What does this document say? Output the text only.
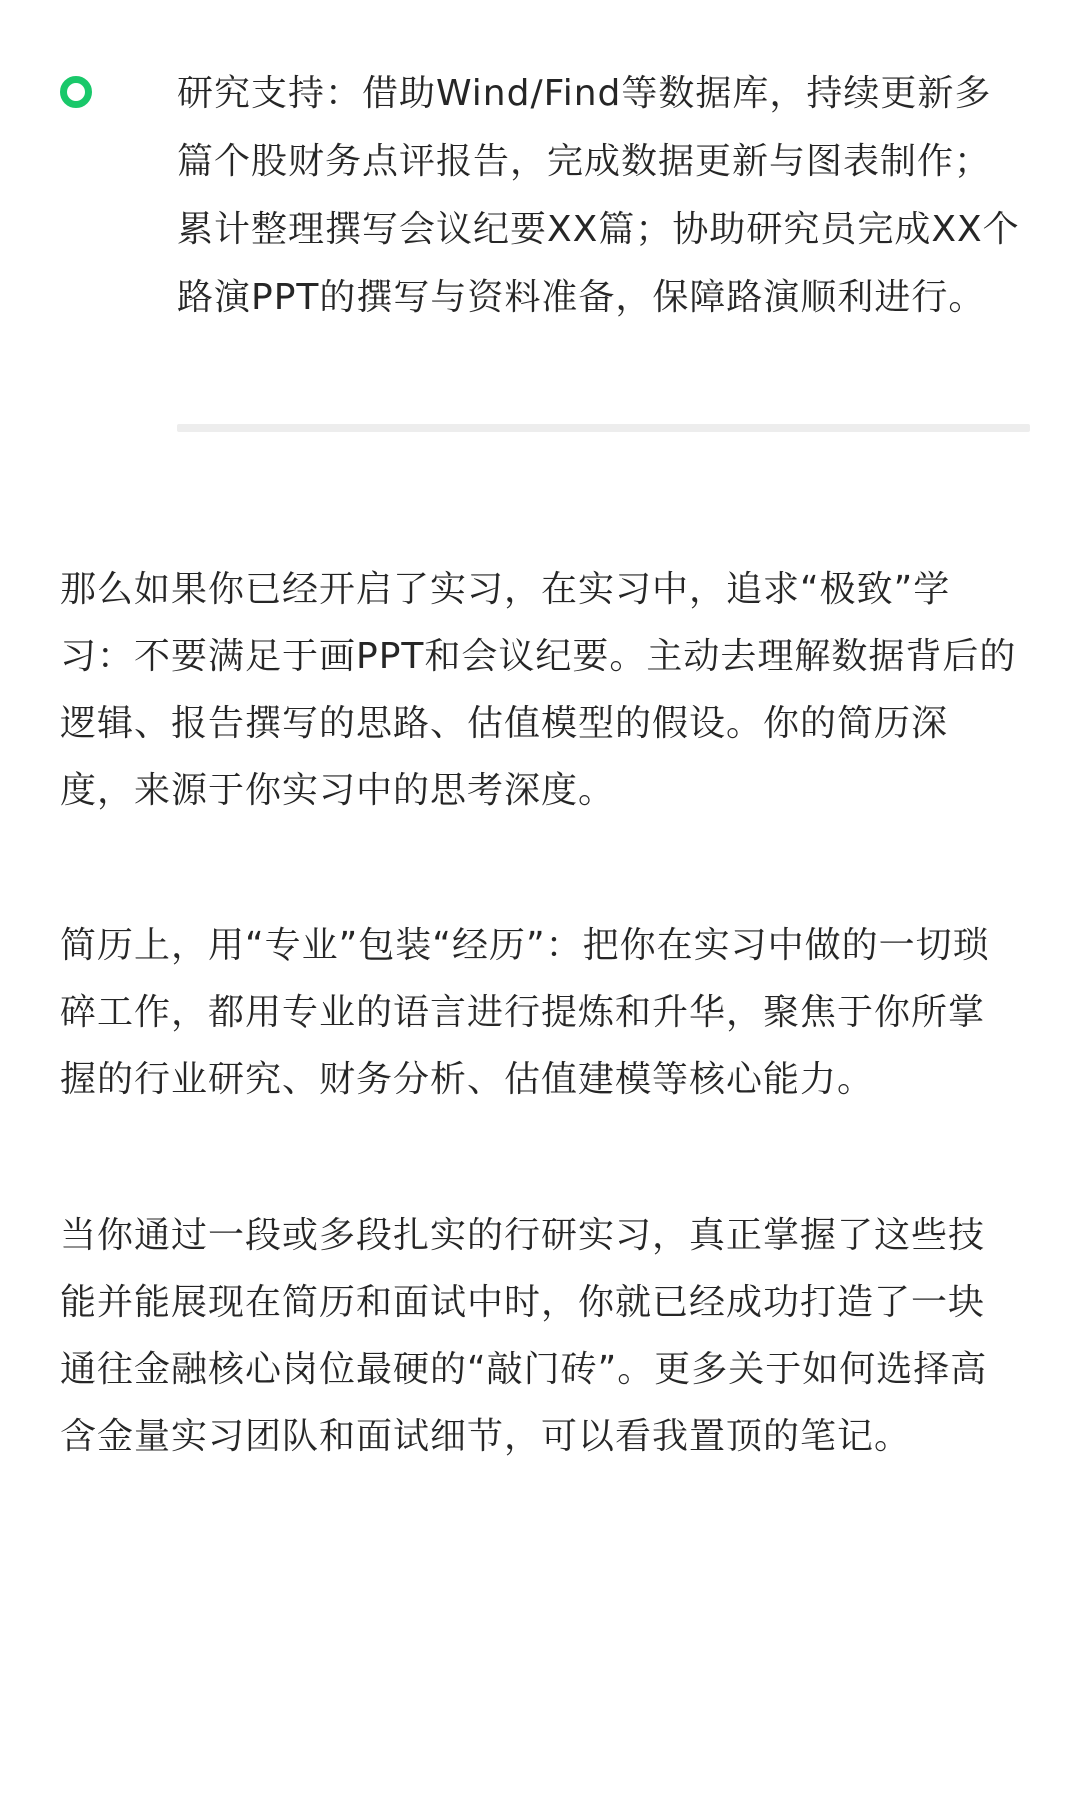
研究支持：借助Wind/Find等数据库，持续更新多篇个股财务点评报告，完成数据更新与图表制作；累计整理撰写会议纪要XX篇；协助研究员完成XX个路演PPT的撰写与资料准备，保障路演顺利进行。

那么如果你已经开启了实习，在实习中，追求“极致”学习：不要满足于画PPT和会议纪要。主动去理解数据背后的逻辑、报告撰写的思路、估值模型的假设。你的简历深度，来源于你实习中的思考深度。

简历上，用“专业”包装“经历”：把你在实习中做的一切琐碎工作，都用专业的语言进行提炼和升华，聚焦于你所掌握的行业研究、财务分析、估值建模等核心能力。

当你通过一段或多段扎实的行研实习，真正掌握了这些技能并能展现在简历和面试中时，你就已经成功打造了一块通往金融核心岗位最硬的“敲门砖”。更多关于如何选择高含金量实习团队和面试细节，可以看我置顶的笔记。
